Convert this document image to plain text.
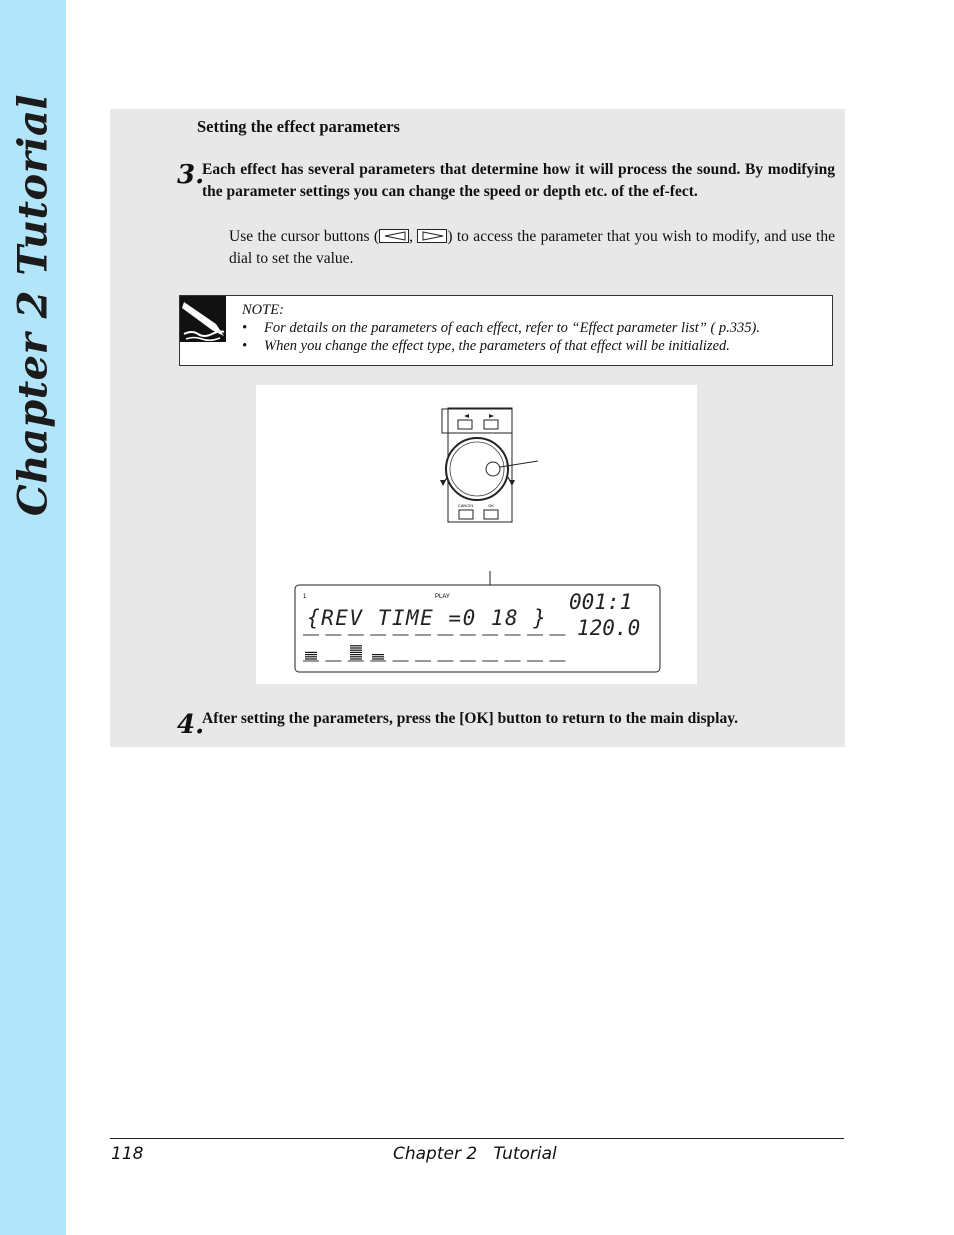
Chapter 2 Tutorial	Setting the effect parameters
3.
Each effect has several parameters that determine how it will process the sound. By modifying the parameter settings you can change the speed or depth etc. of the ef-fect.
Use the cursor buttons ( ,
) to access the parameter that you wish to modify, and use the dial to set the value.
NOTE:
• For details on the parameters of each effect, refer to “Effect parameter list” ( p.335).
• When you change the effect type, the parameters of that effect will be initialized.
CANCEL	OK
1	PLAY
{REV TIME =0 18 }
001:1
120.0
4.
After setting the parameters, press the [OK] button to return to the main display.
118	Chapter 2   Tutorial
